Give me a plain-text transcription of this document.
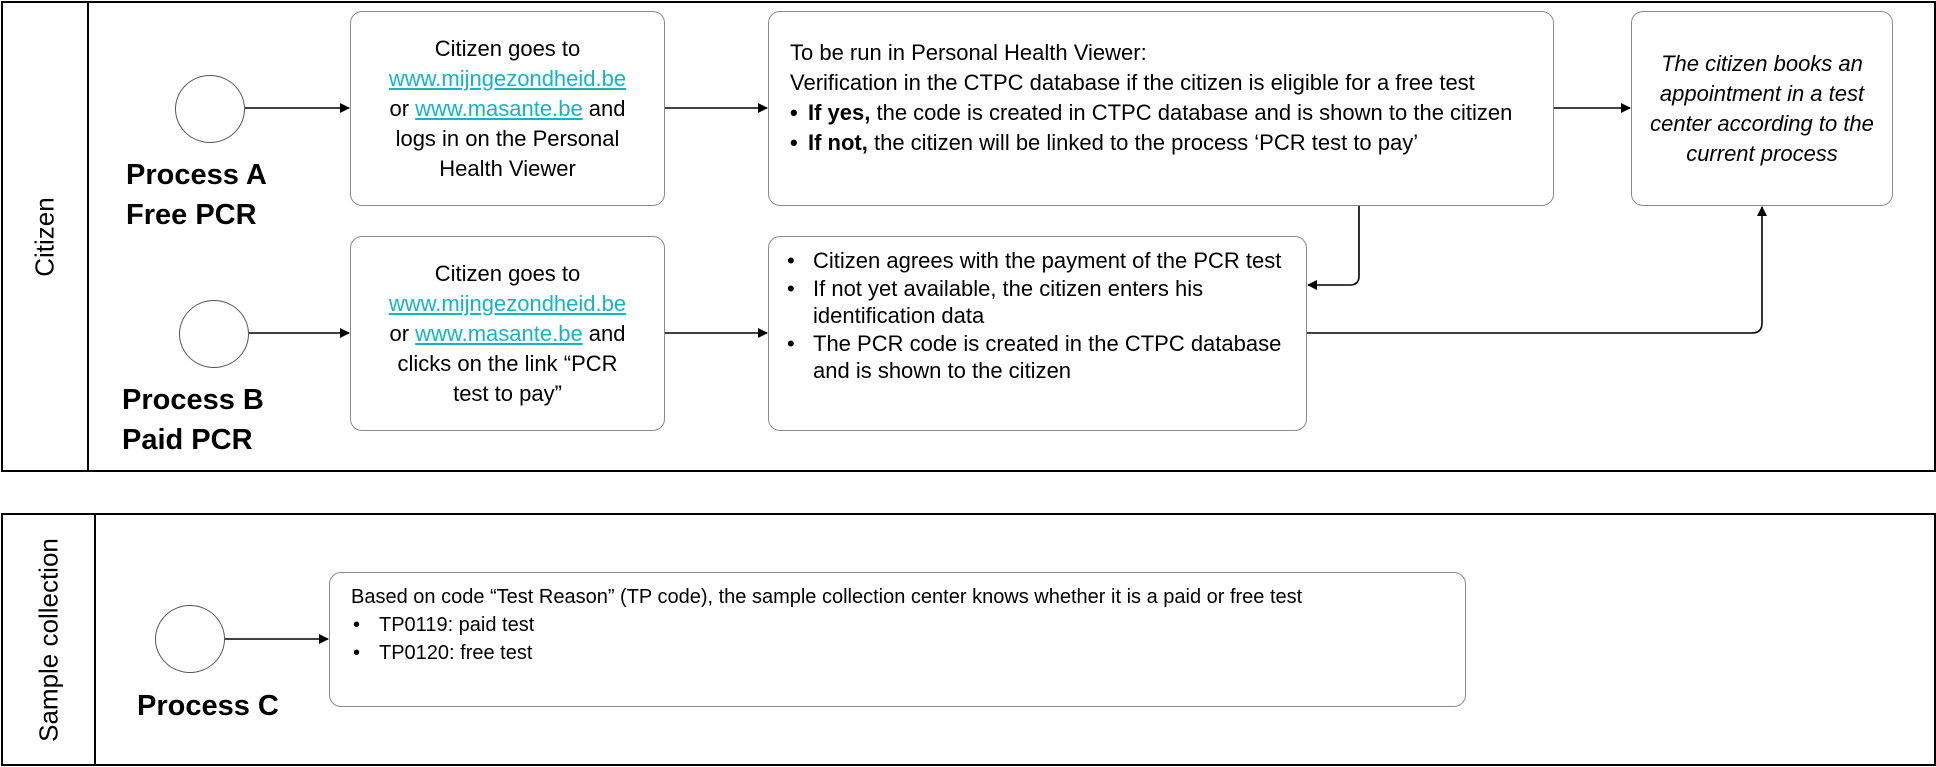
Citizen
Sample collection
Process A
Free PCR
Process B
Paid PCR
Process C
Citizen goes to
www.mijngezondheid.be
or www.masante.be and
logs in on the Personal Health Viewer
To be run in Personal Health Viewer:
Verification in the CTPC database if the citizen is eligible for a free test
• If yes, the code is created in CTPC database and is shown to the citizen
• If not, the citizen will be linked to the process ‘PCR test to pay’
The citizen books an appointment in a test center according to the current process
Citizen goes to
www.mijngezondheid.be
or www.masante.be and
clicks on the link “PCR test to pay”
• Citizen agrees with the payment of the PCR test
• If not yet available, the citizen enters his identification data
• The PCR code is created in the CTPC database and is shown to the citizen
Based on code “Test Reason” (TP code), the sample collection center knows whether it is a paid or free test
• TP0119: paid test
• TP0120: free test
